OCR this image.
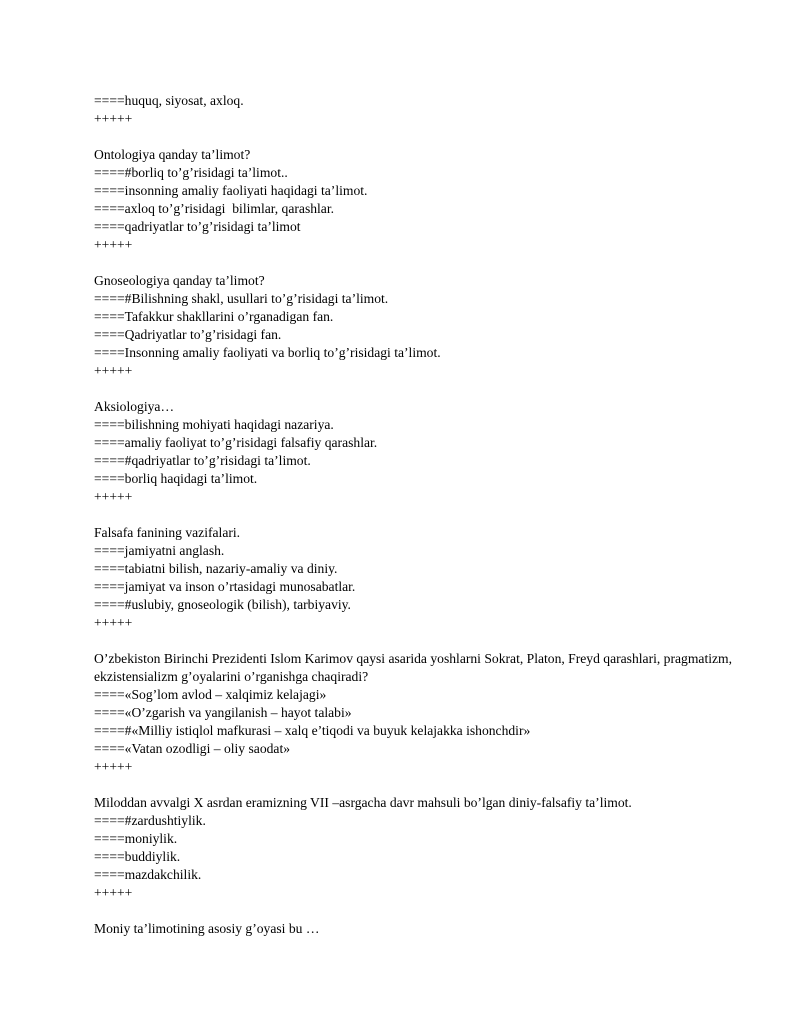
====huquq, siyosat, axloq.
+++++
Ontologiya qanday ta’limot?
====#borliq to’g’risidagi ta’limot..
====insonning amaliy faoliyati haqidagi ta’limot.
====axloq to’g’risidagi  bilimlar, qarashlar.
====qadriyatlar to’g’risidagi ta’limot
+++++
Gnoseologiya qanday ta’limot?
====#Bilishning shakl, usullari to’g’risidagi ta’limot.
====Tafakkur shakllarini o’rganadigan fan.
====Qadriyatlar to’g’risidagi fan.
====Insonning amaliy faoliyati va borliq to’g’risidagi ta’limot.
+++++
Aksiologiya…
====bilishning mohiyati haqidagi nazariya.
====amaliy faoliyat to’g’risidagi falsafiy qarashlar.
====#qadriyatlar to’g’risidagi ta’limot.
====borliq haqidagi ta’limot.
+++++
Falsafa fanining vazifalari.
====jamiyatni anglash.
====tabiatni bilish, nazariy-amaliy va diniy.
====jamiyat va inson o’rtasidagi munosabatlar.
====#uslubiy, gnoseologik (bilish), tarbiyaviy.
+++++
O’zbekiston Birinchi Prezidenti Islom Karimov qaysi asarida yoshlarni Sokrat, Platon, Freyd qarashlari, pragmatizm, ekzistensializm g’oyalarini o’rganishga chaqiradi?
====«Sog’lom avlod – xalqimiz kelajagi»
====«O’zgarish va yangilanish – hayot talabi»
====#«Milliy istiqlol mafkurasi – xalq e’tiqodi va buyuk kelajakka ishonchdir»
====«Vatan ozodligi – oliy saodat»
+++++
Miloddan avvalgi X asrdan eramizning VII –asrgacha davr mahsuli bo’lgan diniy-falsafiy ta’limot.
====#zardushtiylik.
====moniylik.
====buddiylik.
====mazdakchilik.
+++++
Moniy ta’limotining asosiy g’oyasi bu …
